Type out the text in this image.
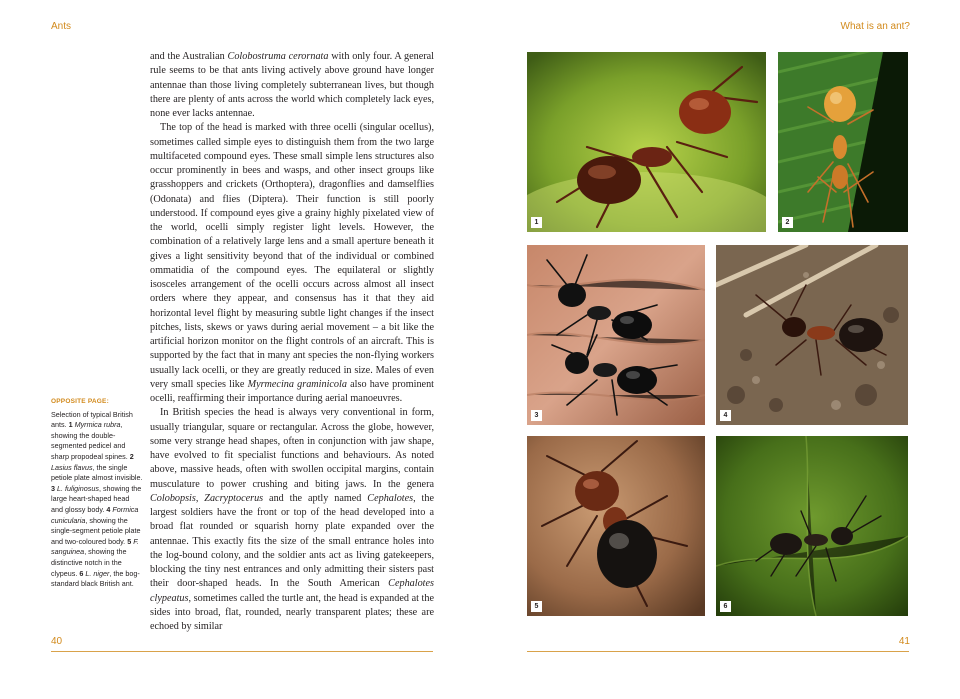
Ants	What is an ant?
OPPOSITE PAGE:
Selection of typical British ants. 1 Myrmica rubra, showing the double-segmented pedicel and sharp propodeal spines. 2 Lasius flavus, the single petiole plate almost invisible. 3 L. fuliginosus, showing the large heart-shaped head and glossy body. 4 Formica cunicularia, showing the single-segment petiole plate and two-coloured body. 5 F. sanguinea, showing the distinctive notch in the clypeus. 6 L. niger, the bog-standard black British ant.

and the Australian Colobostruma cerornata with only four. A general rule seems to be that ants living actively above ground have longer antennae than those living completely subterranean lives, but though there are plenty of ants across the world which completely lack eyes, none ever lacks antennae.

The top of the head is marked with three ocelli (singular ocellus), sometimes called simple eyes to distinguish them from the two large multifaceted compound eyes. These small simple lens structures also occur prominently in bees and wasps, and other insect groups like grasshoppers and crickets (Orthoptera), dragonflies and damselflies (Odonata) and flies (Diptera). Their function is still poorly understood. If compound eyes give a grainy highly pixelated view of the world, ocelli simply register light levels. However, the combination of a relatively large lens and a small aperture beneath it gives a light sensitivity beyond that of the individual or combined ommatidia of the compound eyes. The equilateral or slightly isosceles arrangement of the ocelli occurs across almost all insect orders where they appear, and consensus has it that they aid horizontal level flight by measuring subtle light changes if the insect pitches, lists, skews or yaws during aerial movement – a bit like the artificial horizon monitor on the flight controls of an aircraft. This is supported by the fact that in many ant species the non-flying workers usually lack ocelli, or they are greatly reduced in size. Males of even very small species like Myrmecina graminicola also have prominent ocelli, reaffirming their importance during aerial manoeuvres.

In British species the head is always very conventional in form, usually triangular, square or rectangular. Across the globe, however, some very strange head shapes, often in conjunction with jaw shape, have evolved to fit specialist functions and behaviours. As noted above, massive heads, often with swollen occipital margins, contain musculature to power crushing and biting jaws. In the genera Colobopsis, Zacryptocerus and the aptly named Cephalotes, the largest soldiers have the front or top of the head developed into a broad flat rounded or squarish horny plate expanded over the antennae. This exactly fits the size of the small entrance holes into the log-bound colony, and the soldier ants act as living gatekeepers, blocking the tiny nest entrances and only admitting their sisters past their door-shaped heads. In the South American Cephalotes clypeatus, sometimes called the turtle ant, the head is expanded at the sides into broad, flat, rounded, nearly transparent plates; these are echoed by similar

1	2
3	4
5	6
40	41
